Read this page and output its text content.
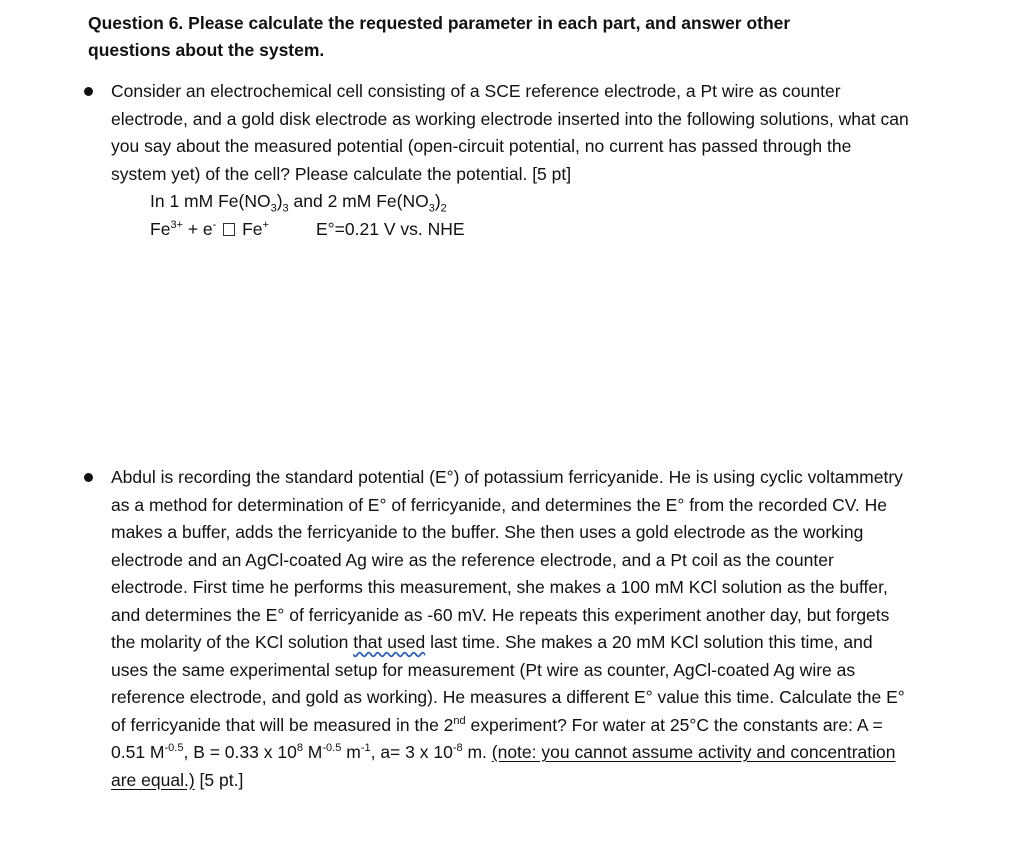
Question 6. Please calculate the requested parameter in each part, and answer other
questions about the system.
Consider an electrochemical cell consisting of a SCE reference electrode, a Pt wire as counter electrode, and a gold disk electrode as working electrode inserted into the following solutions, what can you say about the measured potential (open-circuit potential, no current has passed through the system yet) of the cell? Please calculate the potential. [5 pt]
In 1 mM $Fe(NO_3)_3$ and 2 mM $Fe(NO_3)_2$
$Fe^{3+} + e^-$ Fe+	E°=0.21 V vs. NHE
Abdul is recording the standard potential (E°) of potassium ferricyanide. He is using cyclic voltammetry as a method for determination of E° of ferricyanide, and determines the E° from the recorded CV. He makes a buffer, adds the ferricyanide to the buffer. She then uses a gold electrode as the working electrode and an AgCl-coated Ag wire as the reference electrode, and a Pt coil as the counter electrode. First time he performs this measurement, she makes a 100 mM KCl solution as the buffer, and determines the E° of ferricyanide as -60 mV. He repeats this experiment another day, but forgets the molarity of the KCl solution that used last time. She makes a 20 mM KCl solution this time, and uses the same experimental setup for measurement (Pt wire as counter, AgCl-coated Ag wire as reference electrode, and gold as working). He measures a different E° value this time. Calculate the E° of ferricyanide that will be measured in the 2nd experiment? For water at 25°C the constants are: A = 0.51 $M^{-0.5}$, B = 0.33 x $10^8$ $M^{-0.5}$ $m^{-1}$, a= 3 x $10^{-8}$ m. (note: you cannot assume activity and concentration are equal.) [5 pt.]
